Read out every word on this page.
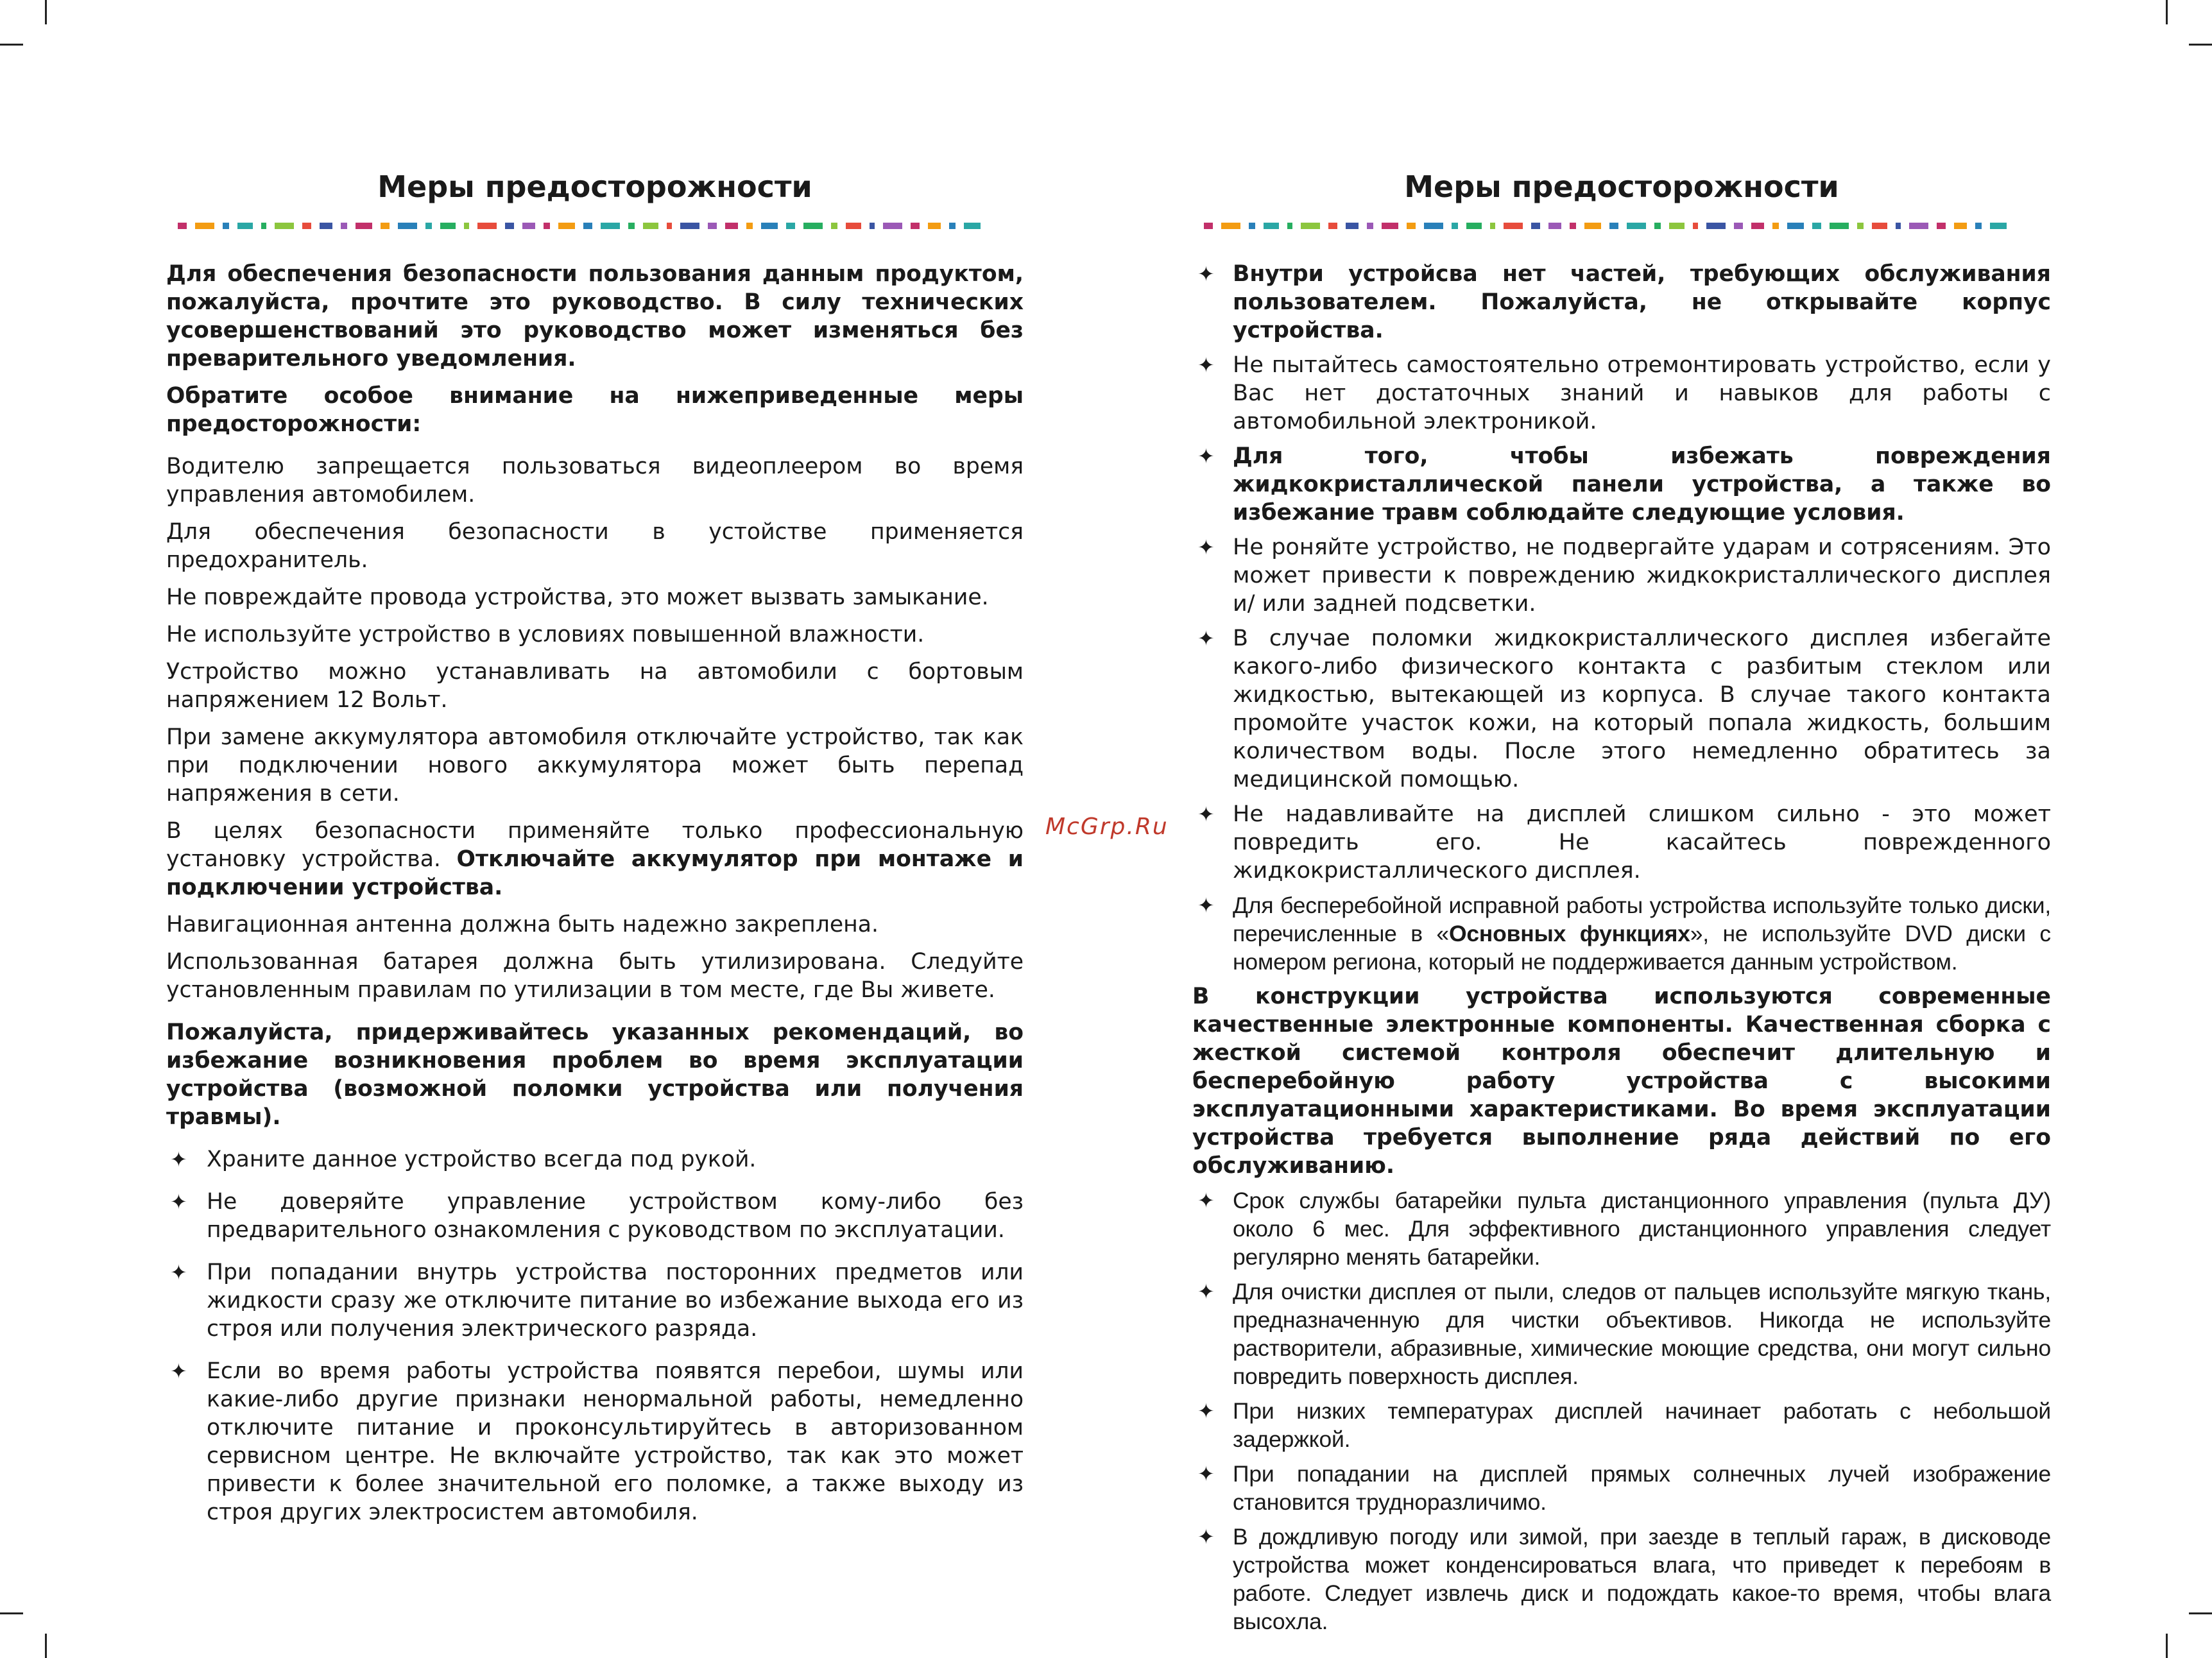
McGrp.Ru
Меры предосторожности

Для обеспечения безопасности пользования данным продуктом, пожалуйста, прочтите это руководство. В силу технических усовершенствований это руководство может изменяться без преварительного уведомления.

Обратите особое внимание на нижеприведенные меры предосторожности:

Водителю запрещается пользоваться видеоплеером во время управления автомобилем.

Для обеспечения безопасности в устойстве применяется предохранитель.

Не повреждайте провода устройства, это может вызвать замыкание.

Не используйте устройство в условиях повышенной влажности.

Устройство можно устанавливать на автомобили с бортовым напряжением 12 Вольт.

При замене аккумулятора автомобиля отключайте устройство, так как при подключении нового аккумулятора может быть перепад напряжения в сети.

В целях безопасности применяйте только профессиональную установку устройства. Отключайте аккумулятор при монтаже и подключении устройства.

Навигационная антенна должна быть надежно закреплена.

Использованная батарея должна быть утилизирована. Следуйте установленным правилам по утилизации в том месте, где Вы живете.

Пожалуйста, придерживайтесь указанных рекомендаций, во избежание возникновения проблем во время эксплуатации устройства (возможной поломки устройства или получения травмы).

✦ Храните данное устройство всегда под рукой.

✦ Не доверяйте управление устройством кому-либо без предварительного ознакомления с руководством по эксплуатации.

✦ При попадании внутрь устройства посторонних предметов или жидкости сразу же отключите питание во избежание выхода его из строя или получения электрического разряда.

✦ Если во время работы устройства появятся перебои, шумы или какие-либо другие признаки ненормальной работы, немедленно отключите питание и проконсультируйтесь в авторизованном сервисном центре. Не включайте устройство, так как это может привести к более значительной его поломке, а также выходу из строя других электросистем автомобиля.

Меры предосторожности

✦ Внутри устройсва нет частей, требующих обслуживания пользователем. Пожалуйста, не открывайте корпус устройства.

✦ Не пытайтесь самостоятельно отремонтировать устройство, если у Вас нет достаточных знаний и навыков для работы с автомобильной электроникой.

✦ Для того, чтобы избежать повреждения жидкокристаллической панели устройства, а также во избежание травм соблюдайте следующие условия.

✦ Не роняйте устройство, не подвергайте ударам и сотрясениям. Это может привести к повреждению жидкокристаллического дисплея и/ или задней подсветки.

✦ В случае поломки жидкокристаллического дисплея избегайте какого-либо физического контакта с разбитым стеклом или жидкостью, вытекающей из корпуса. В случае такого контакта промойте участок кожи, на который попала жидкость, большим количеством воды. После этого немедленно обратитесь за медицинской помощью.

✦ Не надавливайте на дисплей слишком сильно - это может повредить его. Не касайтесь поврежденного жидкокристаллического дисплея.

✦ Для бесперебойной исправной работы устройства используйте только диски, перечисленные в «Основных функциях», не используйте DVD диски с номером региона, который не поддерживается данным устройством.

В конструкции устройства используются современные качественные электронные компоненты. Качественная сборка с жесткой системой контроля обеспечит длительную и бесперебойную работу устройства с высокими эксплуатационными характеристиками. Во время эксплуатации устройства требуется выполнение ряда действий по его обслуживанию.

✦ Срок службы батарейки пульта дистанционного управления (пульта ДУ) около 6 мес. Для эффективного дистанционного управления следует регулярно менять батарейки.

✦ Для очистки дисплея от пыли, следов от пальцев используйте мягкую ткань, предназначенную для чистки объективов. Никогда не используйте растворители, абразивные, химические моющие средства, они могут сильно повредить поверхность дисплея.

✦ При низких температурах дисплей начинает работать с небольшой задержкой.

✦ При попадании на дисплей прямых солнечных лучей изображение становится трудноразличимо.

✦ В дождливую погоду или зимой, при заезде в теплый гараж, в дисководе устройства может конденсироваться влага, что приведет к перебоям в работе. Следует извлечь диск и подождать какое-то время, чтобы влага высохла.
